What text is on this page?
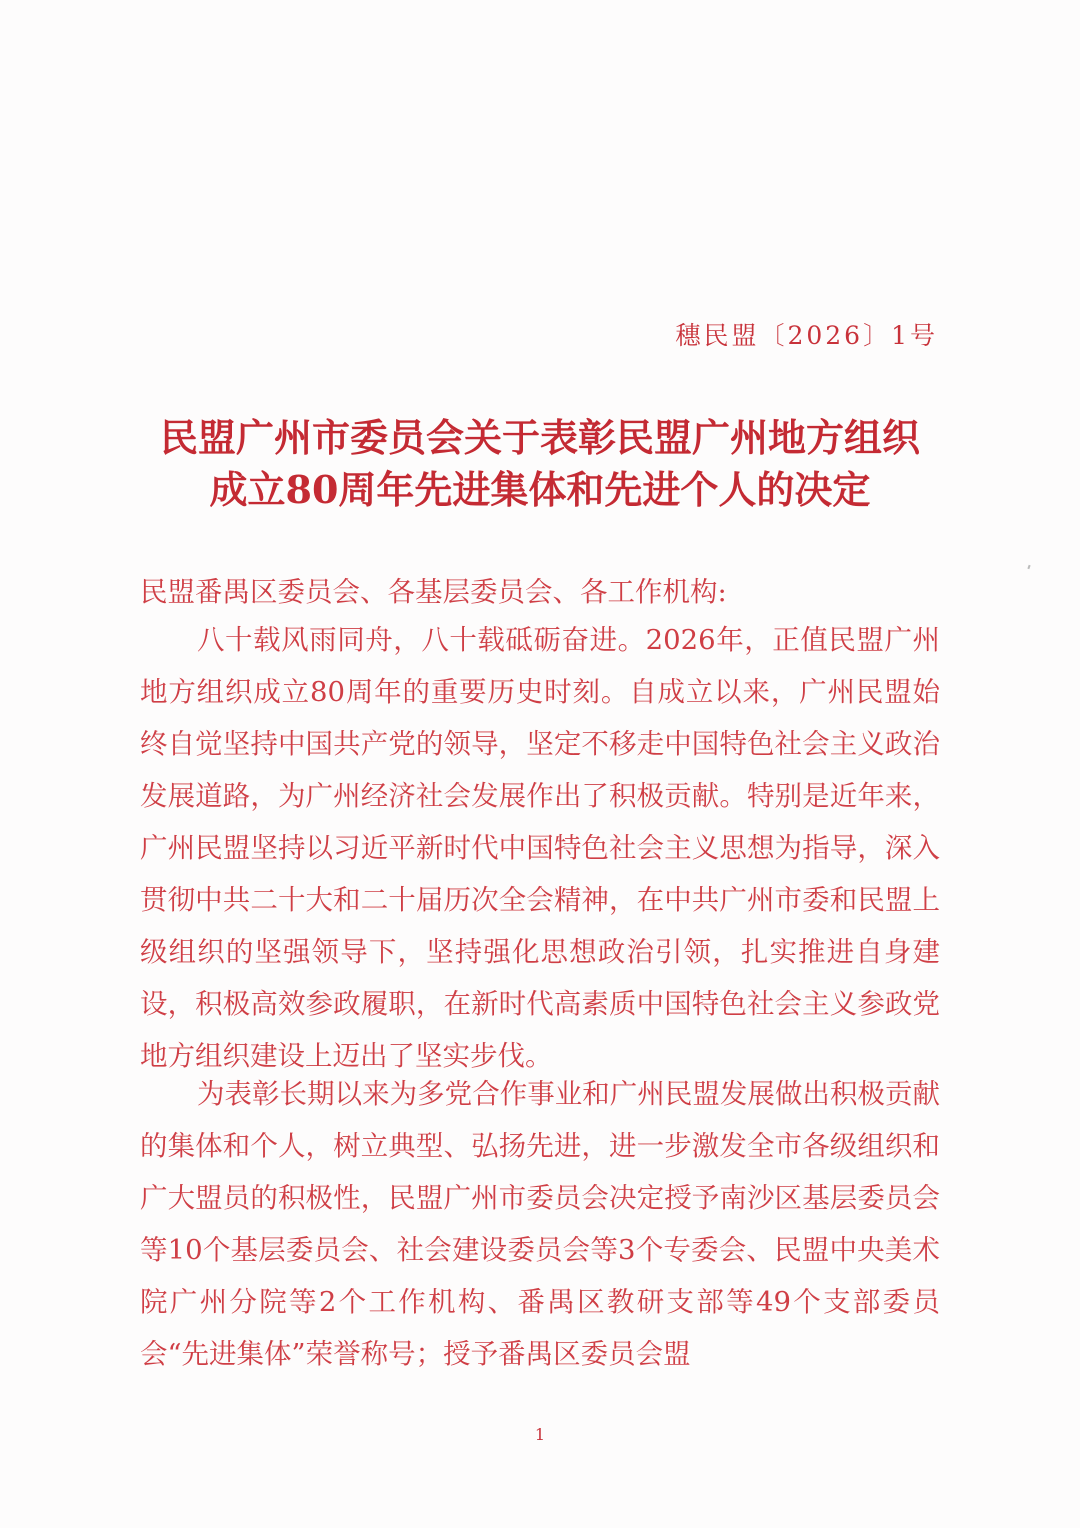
穗民盟〔2026〕1号
民盟广州市委员会关于表彰民盟广州地方组织
成立80周年先进集体和先进个人的决定
民盟番禺区委员会、各基层委员会、各工作机构:
八十载风雨同舟，八十载砥砺奋进。2026年，正值民盟广州地方组织成立80周年的重要历史时刻。自成立以来，广州民盟始终自觉坚持中国共产党的领导，坚定不移走中国特色社会主义政治发展道路，为广州经济社会发展作出了积极贡献。特别是近年来，广州民盟坚持以习近平新时代中国特色社会主义思想为指导，深入贯彻中共二十大和二十届历次全会精神，在中共广州市委和民盟上级组织的坚强领导下，坚持强化思想政治引领，扎实推进自身建设，积极高效参政履职，在新时代高素质中国特色社会主义参政党地方组织建设上迈出了坚实步伐。
为表彰长期以来为多党合作事业和广州民盟发展做出积极贡献的集体和个人，树立典型、弘扬先进，进一步激发全市各级组织和广大盟员的积极性，民盟广州市委员会决定授予南沙区基层委员会等10个基层委员会、社会建设委员会等3个专委会、民盟中央美术院广州分院等2个工作机构、番禺区教研支部等49个支部委员会“先进集体”荣誉称号；授予番禺区委员会盟
1
